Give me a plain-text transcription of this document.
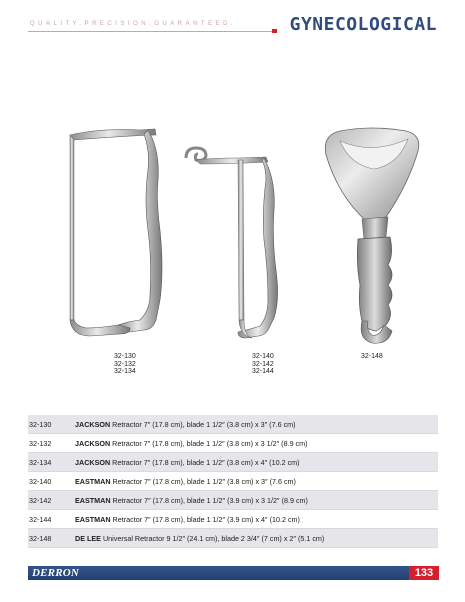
QUALITY.PRECISION.GUARANTEED.	GYNECOLOGICAL
32-130
32-132
32-134
32-140
32-142
32-144
32-148
32-130	JACKSON Retractor 7″ (17.8 cm), blade 1 1/2″ (3.8 cm) x 3″ (7.6 cm)
32-132	JACKSON Retractor 7″ (17.8 cm), blade 1 1/2″ (3.8 cm) x 3 1/2″ (8.9 cm)
32-134	JACKSON Retractor 7″ (17.8 cm), blade 1 1/2″ (3.8 cm) x 4″ (10.2 cm)
32-140	EASTMAN Retractor 7″ (17.8 cm), blade 1 1/2″ (3.8 cm) x 3″ (7.6 cm)
32-142	EASTMAN Retractor 7″ (17.8 cm), blade 1 1/2″ (3.9 cm) x 3 1/2″ (8.9 cm)
32-144	EASTMAN Retractor 7″ (17.8 cm), blade 1 1/2″ (3.9 cm) x 4″ (10.2 cm)
32-148	DE LEE Universal Retractor 9 1/2″ (24.1 cm), blade 2 3/4″ (7 cm) x 2″ (5.1 cm)
DERRON	133
